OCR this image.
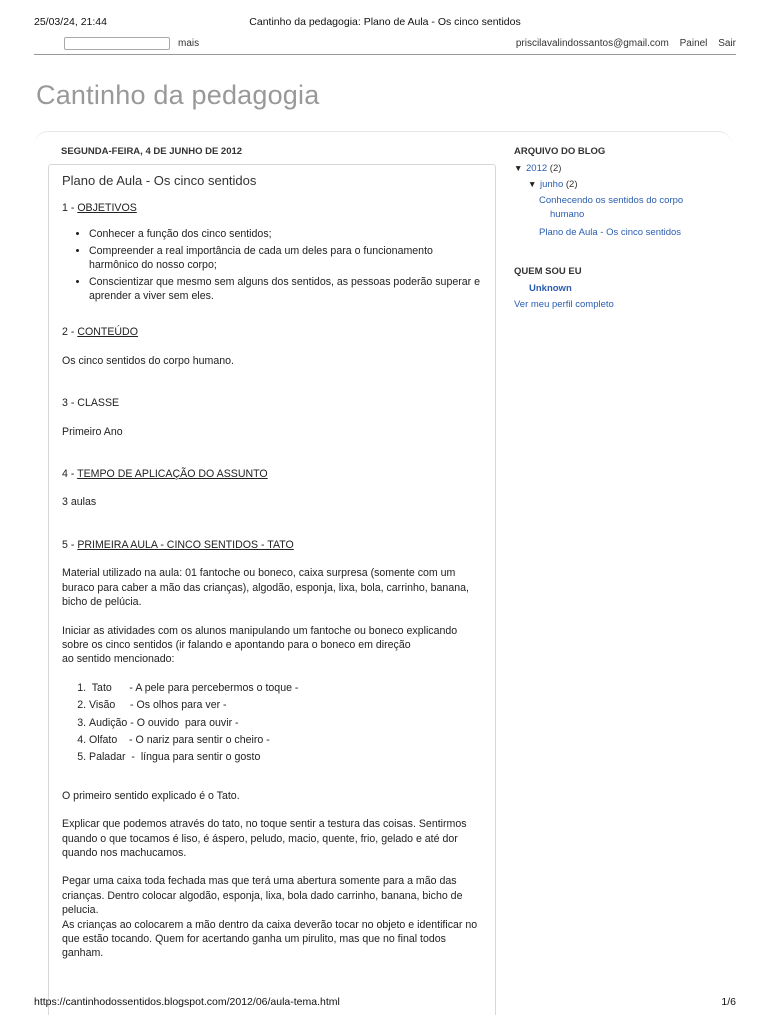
25/03/24, 21:44	Cantinho da pedagogia: Plano de Aula - Os cinco sentidos
mais	priscilavalindossantos@gmail.com Painel Sair
Cantinho da pedagogia
SEGUNDA-FEIRA, 4 DE JUNHO DE 2012
Plano de Aula - Os cinco sentidos

1 - OBJETIVOS

• Conhecer a função dos cinco sentidos;
• Compreender a real importância de cada um deles para o funcionamento harmônico do nosso corpo;
• Conscientizar que mesmo sem alguns dos sentidos, as pessoas poderão superar e aprender a viver sem eles.

2 - CONTEÚDO

Os cinco sentidos do corpo humano.

3 - CLASSE

Primeiro Ano

4 - TEMPO DE APLICAÇÃO DO ASSUNTO

3 aulas

5 - PRIMEIRA AULA - CINCO SENTIDOS - TATO

Material utilizado na aula: 01 fantoche ou boneco, caixa surpresa (somente com um buraco para caber a mão das crianças), algodão, esponja, lixa, bola, carrinho, banana, bicho de pelúcia.

Iniciar as atividades com os alunos manipulando um fantoche ou boneco explicando

sobre os cinco sentidos (ir falando e apontando para o boneco em direção

ao sentido mencionado:

1.  Tato      - A pele para percebermos o toque -
2. Visão     - Os olhos para ver -
3. Audição - O ouvido  para ouvir -
4. Olfato    - O nariz para sentir o cheiro -
5. Paladar  -  língua para sentir o gosto

O primeiro sentido explicado é o Tato.

Explicar que podemos através do tato, no toque sentir a testura das coisas. Sentirmos quando o que tocamos é liso, é áspero, peludo, macio, quente, frio, gelado e até dor quando nos machucamos.

Pegar uma caixa toda fechada mas que terá uma abertura somente para a mão das crianças. Dentro colocar algodão, esponja, lixa, bola dado carrinho, banana, bicho de pelucia.

As crianças ao colocarem a mão dentro da caixa deverão tocar no objeto e identificar no que estão tocando. Quem for acertando ganha um pirulito, mas que no final todos ganham.

ARQUIVO DO BLOG
▼ 2012 (2)
▼ junho (2)
Conhecendo os sentidos do corpo
humano
Plano de Aula - Os cinco sentidos
QUEM SOU EU
Unknown
Ver meu perfil completo
https://cantinhodossentidos.blogspot.com/2012/06/aula-tema.html	1/6
